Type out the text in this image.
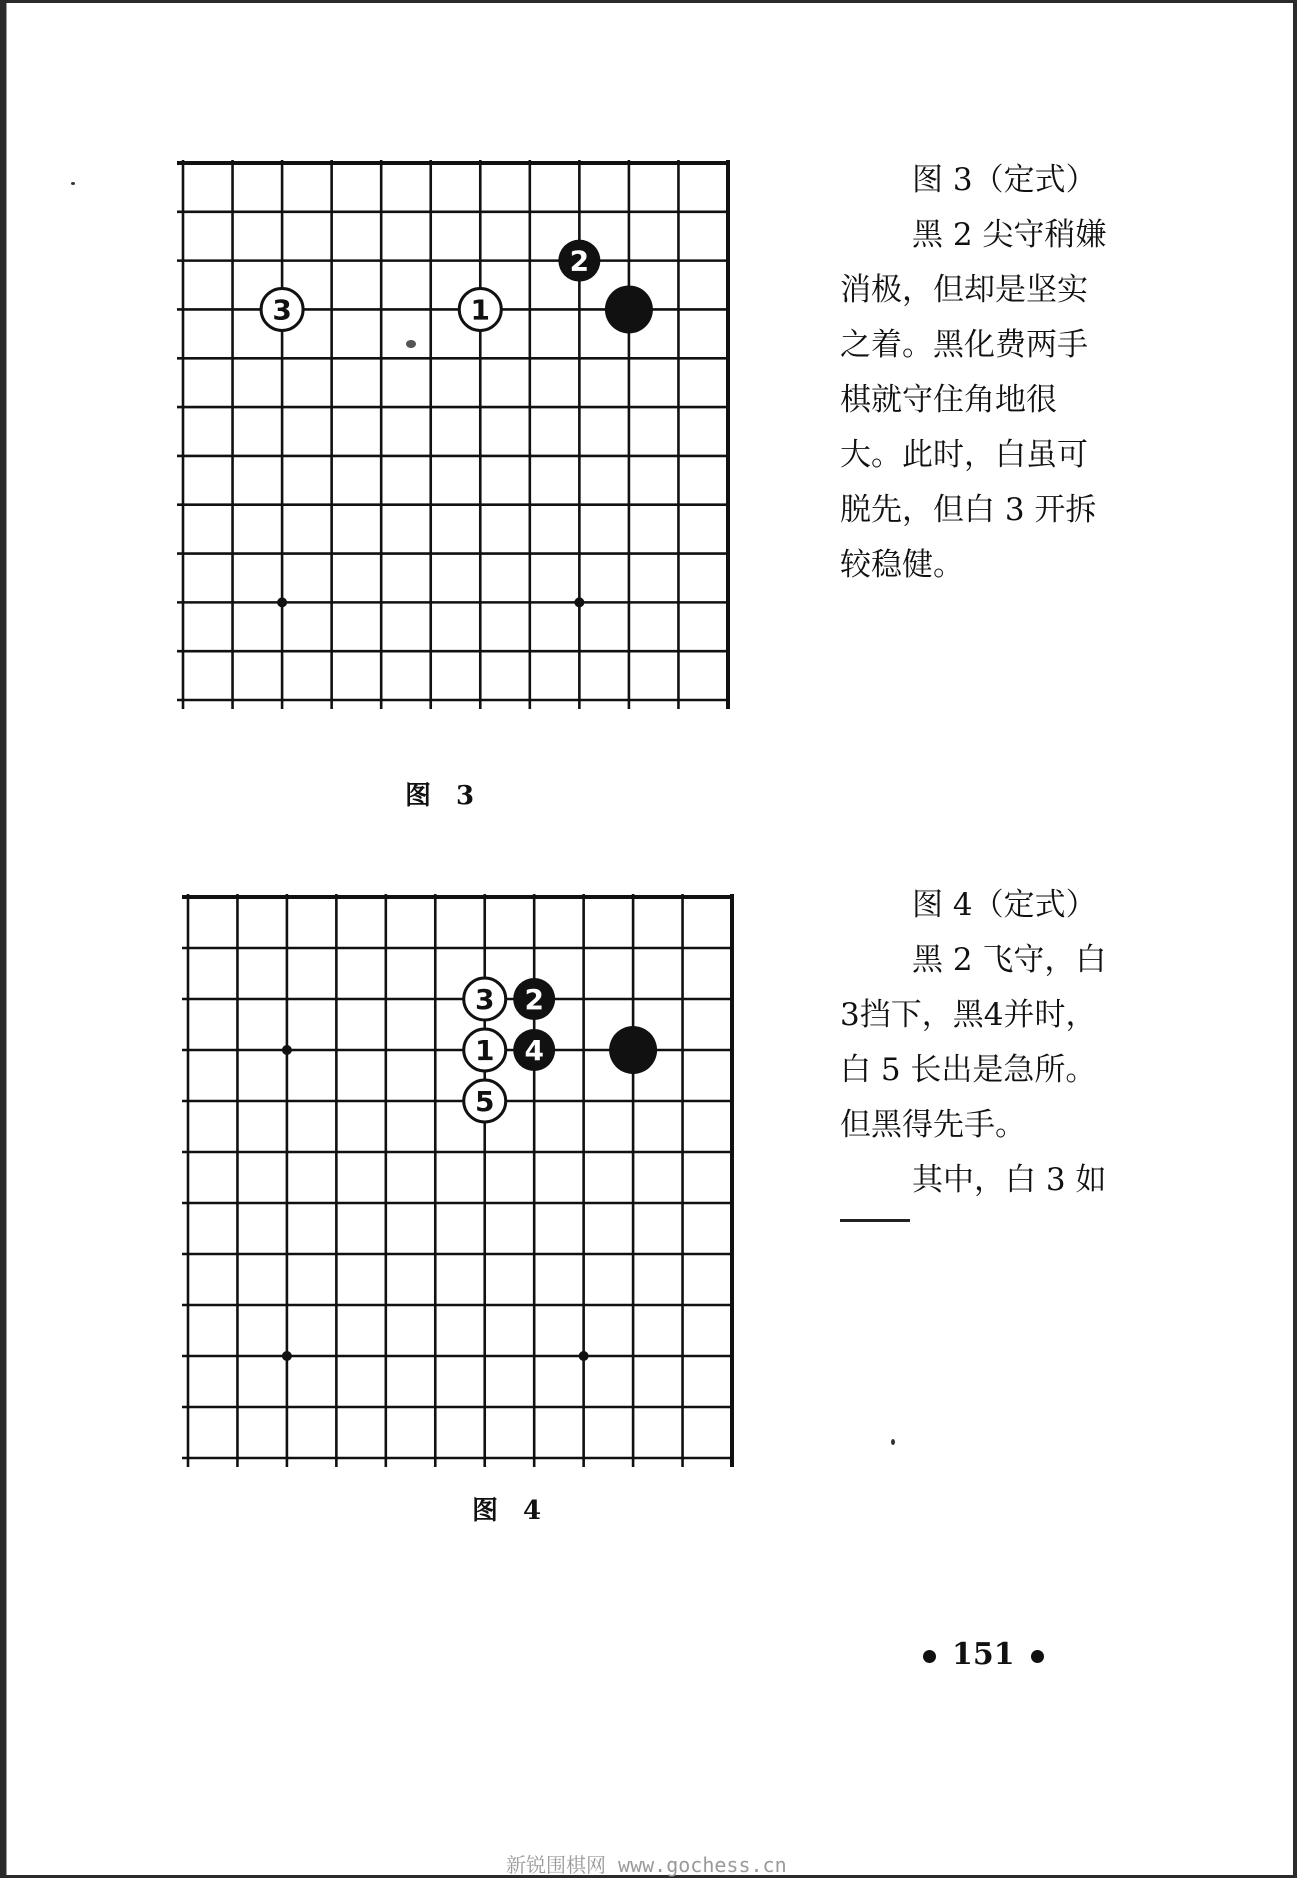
3	1
2
图 3
图 3（定式）
黑 2 尖守稍嫌
消极，但却是坚实
之着。黑化费两手
棋就守住角地很
大。此时，白虽可
脱先，但白 3 开拆
较稳健。
3 2
1 4
5
图 4
图 4（定式）
黑 2 飞守，白
3挡下，黑4并时，
白 5 长出是急所。
但黑得先手。
其中，白 3 如
151
新锐围棋网 www.gochess.cn
